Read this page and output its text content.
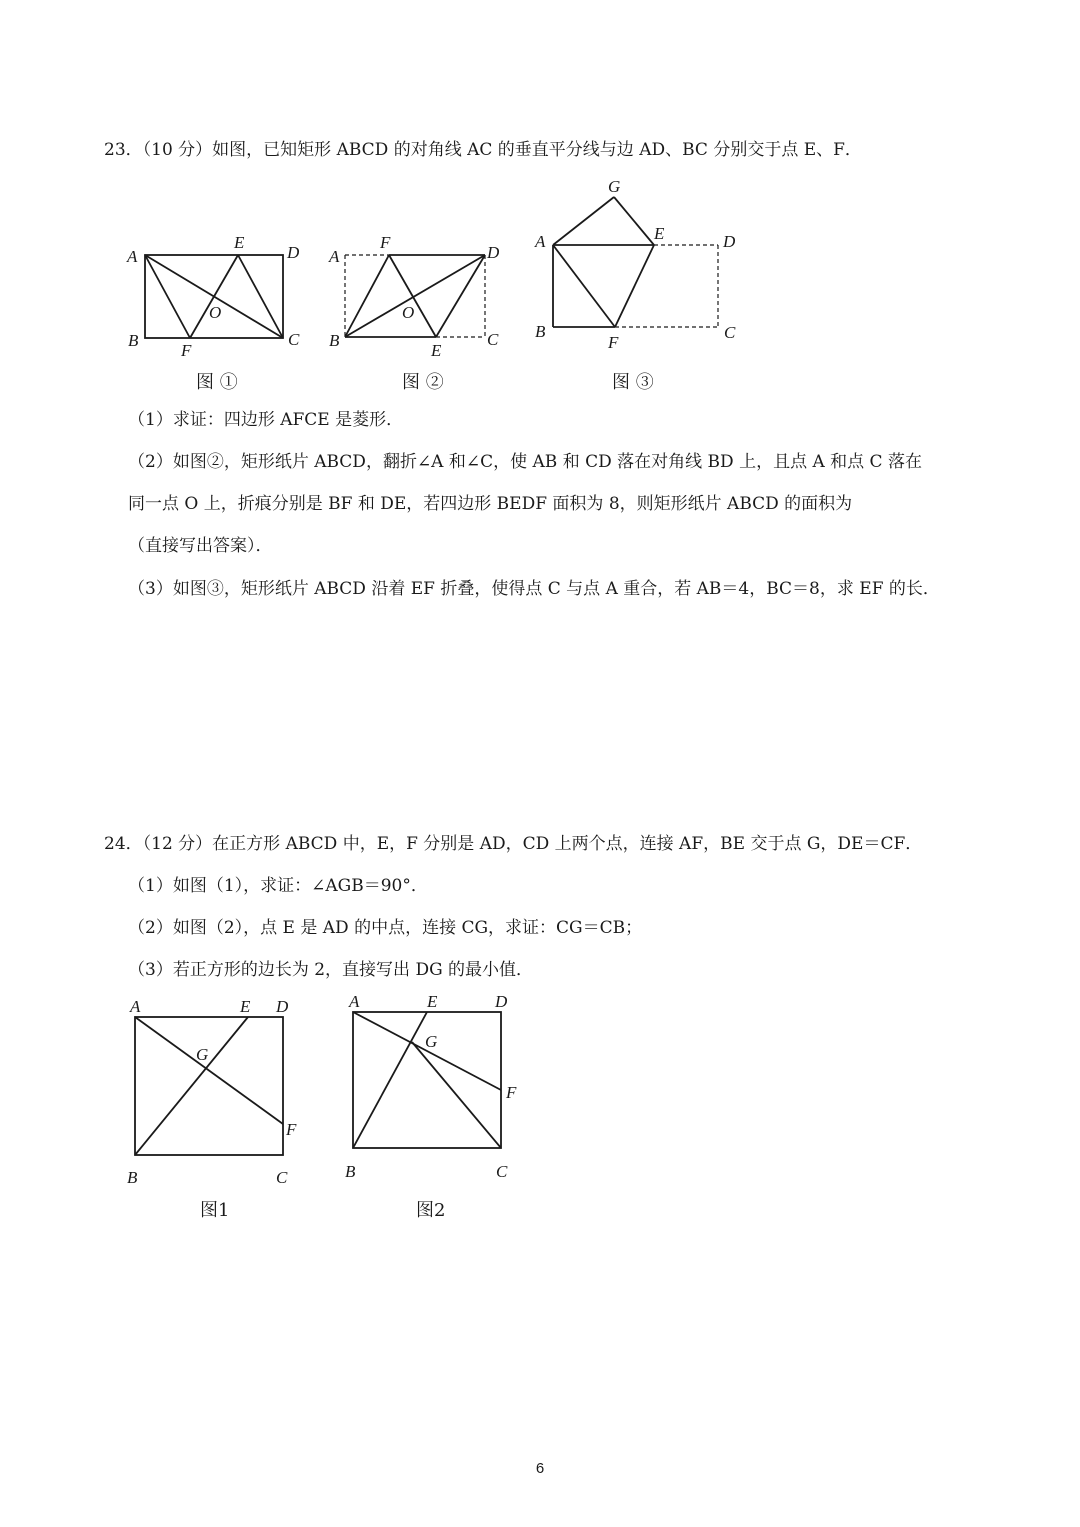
23．（10 分）如图，已知矩形 ABCD 的对角线 AC 的垂直平分线与边 AD、BC 分别交于点 E、F．
A
E
D
B
F
C
O
图 ①
A
F
D
B
E
C
O
图 ②
G
A	E	D
B
F
C
图 ③
（1）求证：四边形 AFCE 是菱形．
（2）如图②，矩形纸片 ABCD，翻折∠A 和∠C，使 AB 和 CD 落在对角线 BD 上，且点 A 和点 C 落在
同一点 O 上，折痕分别是 BF 和 DE，若四边形 BEDF 面积为 8，则矩形纸片 ABCD 的面积为
（直接写出答案）．
（3）如图③，矩形纸片 ABCD 沿着 EF 折叠，使得点 C 与点 A 重合，若 AB＝4，BC＝8，求 EF 的长．
24．（12 分）在正方形 ABCD 中，E，F 分别是 AD，CD 上两个点，连接 AF，BE 交于点 G，DE＝CF．
（1）如图（1），求证：∠AGB＝90°．
（2）如图（2），点 E 是 AD 的中点，连接 CG，求证：CG＝CB；
（3）若正方形的边长为 2，直接写出 DG 的最小值．
A	E D
G
F
B	C
图1
A	E	D
G
F
B	C
图2
6
